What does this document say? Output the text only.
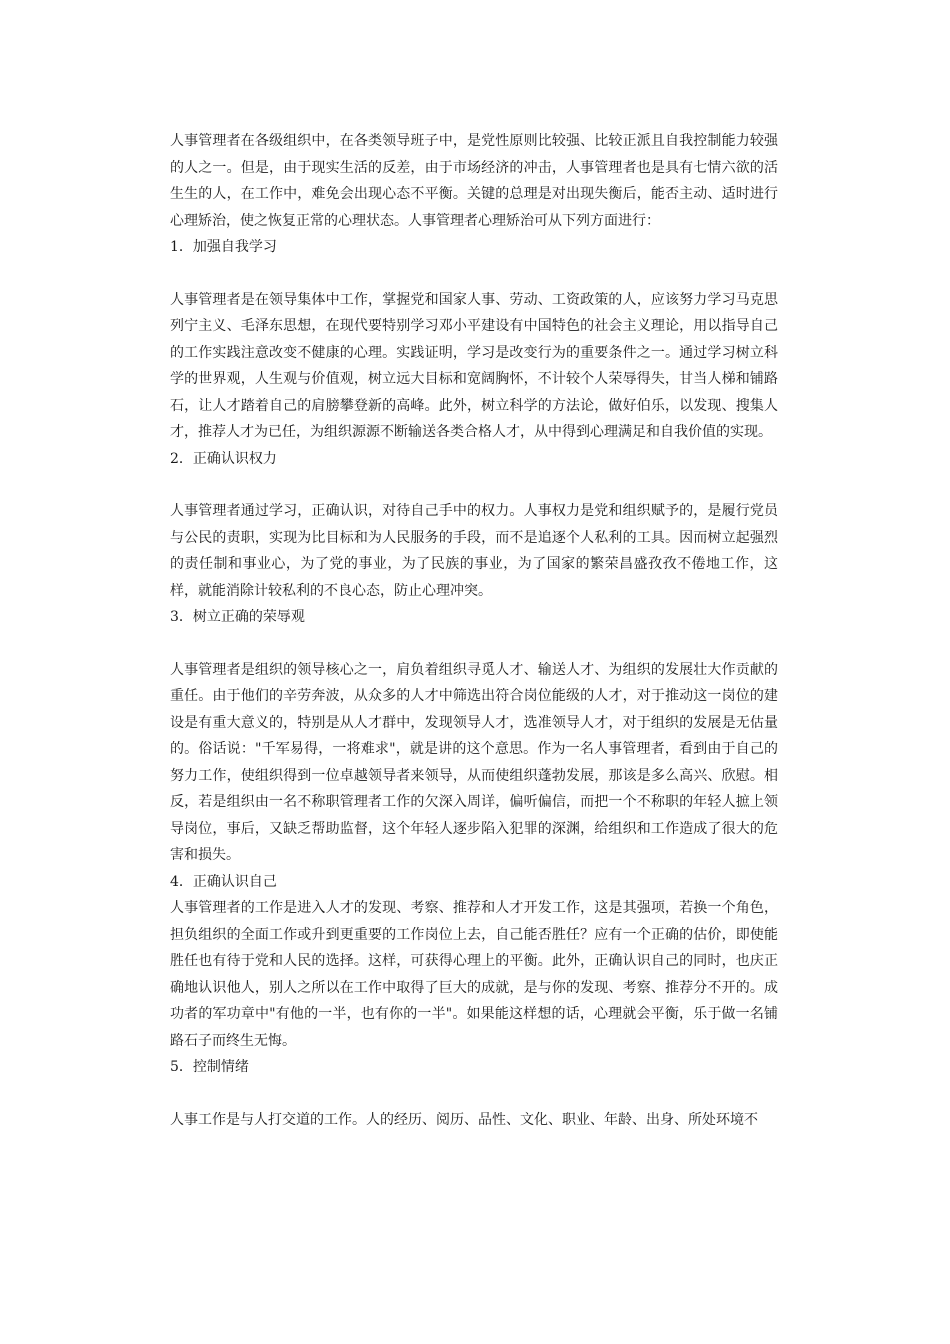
人事管理者在各级组织中，在各类领导班子中，是党性原则比较强、比较正派且自我控制能力较强的人之一。但是，由于现实生活的反差，由于市场经济的冲击，人事管理者也是具有七情六欲的活生生的人，在工作中，难免会出现心态不平衡。关键的总理是对出现失衡后，能否主动、适时进行心理矫治，使之恢复正常的心理状态。人事管理者心理矫治可从下列方面进行：

1．加强自我学习

人事管理者是在领导集体中工作，掌握党和国家人事、劳动、工资政策的人，应该努力学习马克思列宁主义、毛泽东思想，在现代要特别学习邓小平建设有中国特色的社会主义理论，用以指导自己的工作实践注意改变不健康的心理。实践证明，学习是改变行为的重要条件之一。通过学习树立科学的世界观，人生观与价值观，树立远大目标和宽阔胸怀，不计较个人荣辱得失，甘当人梯和铺路石，让人才踏着自己的肩膀攀登新的高峰。此外，树立科学的方法论，做好伯乐，以发现、搜集人才，推荐人才为已任，为组织源源不断输送各类合格人才，从中得到心理满足和自我价值的实现。

2．正确认识权力

人事管理者通过学习，正确认识，对待自己手中的权力。人事权力是党和组织赋予的，是履行党员与公民的责职，实现为比目标和为人民服务的手段，而不是追逐个人私利的工具。因而树立起强烈的责任制和事业心，为了党的事业，为了民族的事业，为了国家的繁荣昌盛孜孜不倦地工作，这样，就能消除计较私利的不良心态，防止心理冲突。

3．树立正确的荣辱观

人事管理者是组织的领导核心之一，肩负着组织寻觅人才、输送人才、为组织的发展壮大作贡献的重任。由于他们的辛劳奔波，从众多的人才中筛选出符合岗位能级的人才，对于推动这一岗位的建设是有重大意义的，特别是从人才群中，发现领导人才，选准领导人才，对于组织的发展是无估量的。俗话说："千军易得，一将难求"，就是讲的这个意思。作为一名人事管理者，看到由于自己的努力工作，使组织得到一位卓越领导者来领导，从而使组织蓬勃发展，那该是多么高兴、欣慰。相反，若是组织由一名不称职管理者工作的欠深入周详，偏听偏信，而把一个不称职的年轻人摭上领导岗位，事后，又缺乏帮助监督，这个年轻人逐步陷入犯罪的深渊，给组织和工作造成了很大的危害和损失。

4．正确认识自己

人事管理者的工作是进入人才的发现、考察、推荐和人才开发工作，这是其强项，若换一个角色，担负组织的全面工作或升到更重要的工作岗位上去，自己能否胜任？应有一个正确的估价，即使能胜任也有待于党和人民的选择。这样，可获得心理上的平衡。此外，正确认识自己的同时，也庆正确地认识他人，别人之所以在工作中取得了巨大的成就，是与你的发现、考察、推荐分不开的。成功者的军功章中"有他的一半，也有你的一半"。如果能这样想的话，心理就会平衡，乐于做一名铺路石子而终生无悔。

5．控制情绪

人事工作是与人打交道的工作。人的经历、阅历、品性、文化、职业、年龄、出身、所处环境不
